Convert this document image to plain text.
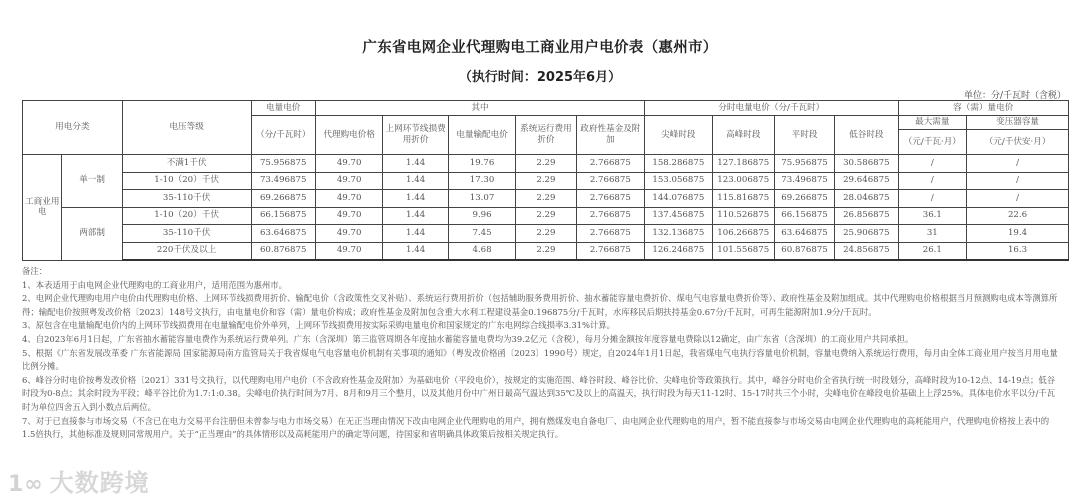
广东省电网企业代理购电工商业用户电价表（惠州市）
（执行时间：2025年6月）
单位：分/千瓦时（含税）
用电分类		电压等级	电量电价	其中					分时电量电价（分/千瓦时）				容（需）量电价	
			（分/千瓦时）	代理购电价格	上网环节线损费用折价	电量输配电价	系统运行费用折价	政府性基金及附加	尖峰时段	高峰时段	平时段	低谷时段	最大需量	变压器容量
													（元/千瓦·月）	（元/千伏安·月）
工商业用电	单一制	不满1千伏	75.956875	49.70	1.44	19.76	2.29	2.766875	158.286875	127.186875	75.956875	30.586875	/	/
		1-10（20）千伏	73.496875	49.70	1.44	17.30	2.29	2.766875	153.056875	123.006875	73.496875	29.646875	/	/
		35-110千伏	69.266875	49.70	1.44	13.07	2.29	2.766875	144.076875	115.816875	69.266875	28.046875	/	/
	两部制	1-10（20）千伏	66.156875	49.70	1.44	9.96	2.29	2.766875	137.456875	110.526875	66.156875	26.856875	36.1	22.6
		35-110千伏	63.646875	49.70	1.44	7.45	2.29	2.766875	132.136875	106.266875	63.646875	25.906875	31	19.4
		220千伏及以上	60.876875	49.70	1.44	4.68	2.29	2.766875	126.246875	101.556875	60.876875	24.856875	26.1	16.3

备注：

1、本表适用于由电网企业代理购电的工商业用户，适用范围为惠州市。

2、电网企业代理购电用户电价由代理购电价格、上网环节线损费用折价、输配电价（含政策性交叉补贴）、系统运行费用折价（包括辅助服务费用折价、抽水蓄能容量电费折价、煤电气电容量电费折价等）、政府性基金及附加组成。其中代理购电价格根据当月预测购电成本等测算所得；输配电价按照粤发改价格〔2023〕148号文执行，由电量电价和容（需）量电价构成；政府性基金及附加包含重大水利工程建设基金0.196875分/千瓦时，水库移民后期扶持基金0.67分/千瓦时，可再生能源附加1.9分/千瓦时。

3、原包含在电量输配电价内的上网环节线损费用在电量输配电价外单列，上网环节线损费用按实际采购电量电价和国家规定的广东电网综合线损率3.31%计算。

4、自2023年6月1日起，广东省抽水蓄能容量电费作为系统运行费单列。广东（含深圳）第三监管周期各年度抽水蓄能容量电费均为39.2亿元（含税），每月分摊金额按年度容量电费除以12确定，由广东省（含深圳）的工商业用户共同承担。

5、根据《广东省发展改革委 广东省能源局 国家能源局南方监管局关于我省煤电气电容量电价机制有关事项的通知》（粤发改价格函〔2023〕1990号）规定，自2024年1月1日起，我省煤电气电执行容量电价机制，容量电费纳入系统运行费用，每月由全体工商业用户按当月用电量比例分摊。

6、峰谷分时电价按粤发改价格〔2021〕331号文执行，以代理购电用户电价（不含政府性基金及附加）为基础电价（平段电价），按规定的实施范围、峰谷时段、峰谷比价、尖峰电价等政策执行。其中，峰谷分时电价全省执行统一时段划分，高峰时段为10-12点、14-19点；低谷时段为0-8点；其余时段为平段；峰平谷比价为1.7:1:0.38。尖峰电价执行时间为7月、8月和9月三个整月，以及其他月份中广州日最高气温达到35℃及以上的高温天，执行时段为每天11-12时、15-17时共三个小时，尖峰电价在峰段电价基础上上浮25%。具体电价水平以分/千瓦时为单位四舍五入到小数点后两位。

7、对于已直接参与市场交易（不含已在电力交易平台注册但未曾参与电力市场交易）在无正当理由情况下改由电网企业代理购电的用户，拥有燃煤发电自备电厂、由电网企业代理购电的用户，暂不能直接参与市场交易由电网企业代理购电的高耗能用户，代理购电价格按上表中的1.5倍执行，其他标准及规则同常规用户。关于“正当理由”的具体情形以及高耗能用户的确定等问题，待国家和省明确具体政策后按相关规定执行。

1∞ 大数跨境
